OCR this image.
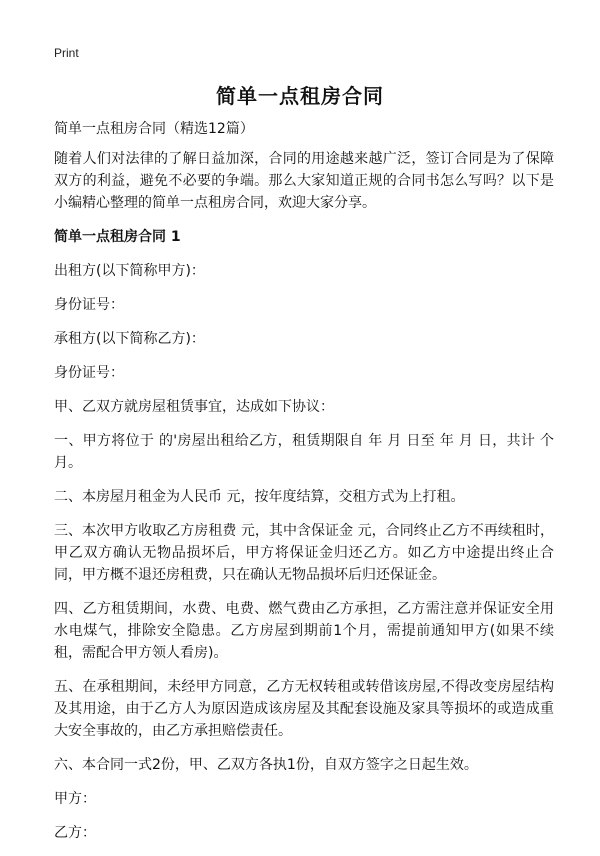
Print
简单一点租房合同

简单一点租房合同（精选12篇）

随着人们对法律的了解日益加深，合同的用途越来越广泛，签订合同是为了保障双方的利益，避免不必要的争端。那么大家知道正规的合同书怎么写吗？以下是小编精心整理的简单一点租房合同，欢迎大家分享。

简单一点租房合同 1

出租方(以下简称甲方)：

身份证号：

承租方(以下简称乙方)：

身份证号：

甲、乙双方就房屋租赁事宜，达成如下协议：

一、甲方将位于 的'房屋出租给乙方，租赁期限自 年 月 日至 年 月 日，共计 个月。

二、本房屋月租金为人民币 元，按年度结算，交租方式为上打租。

三、本次甲方收取乙方房租费 元，其中含保证金 元，合同终止乙方不再续租时，甲乙双方确认无物品损坏后，甲方将保证金归还乙方。如乙方中途提出终止合同，甲方概不退还房租费，只在确认无物品损坏后归还保证金。

四、乙方租赁期间，水费、电费、燃气费由乙方承担，乙方需注意并保证安全用水电煤气，排除安全隐患。乙方房屋到期前1个月，需提前通知甲方(如果不续租，需配合甲方领人看房)。

五、在承租期间，未经甲方同意，乙方无权转租或转借该房屋,不得改变房屋结构及其用途，由于乙方人为原因造成该房屋及其配套设施及家具等损坏的或造成重大安全事故的，由乙方承担赔偿责任。

六、本合同一式2份，甲、乙双方各执1份，自双方签字之日起生效。

甲方：

乙方：
